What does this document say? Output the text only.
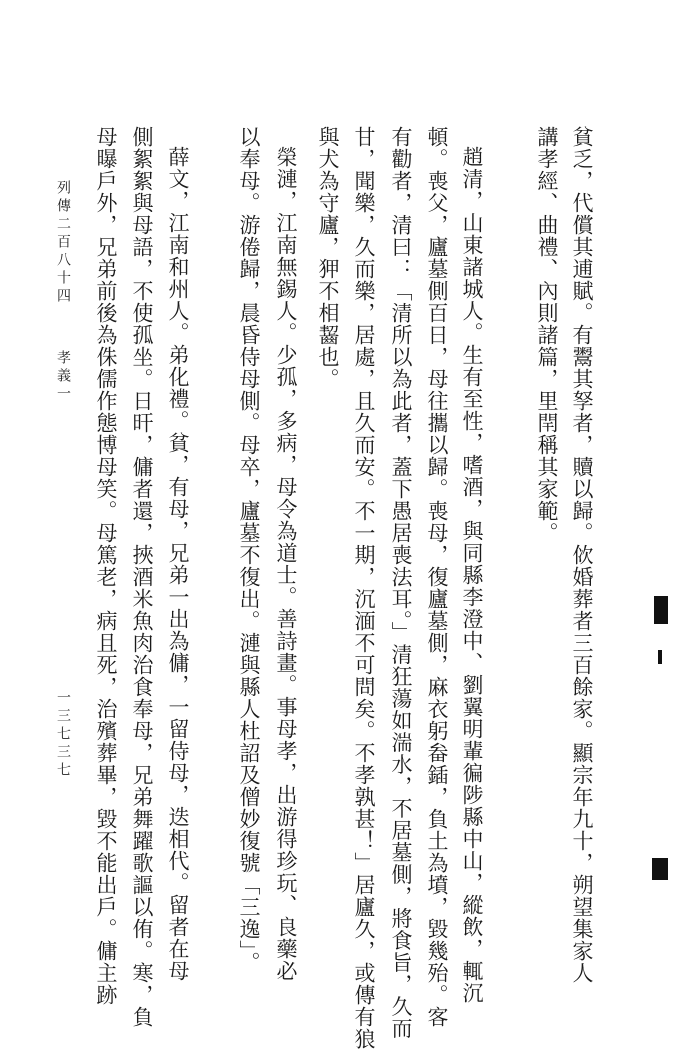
貧乏，代償其逋賦。有鬻其孥者，贖以歸。佽婚葬者三百餘家。顯宗年九十，朔望集家人
講孝經、曲禮、內則諸篇，里閈稱其家範。
趙清，山東諸城人。生有至性，嗜酒，與同縣李澄中、劉翼明輩徧陟縣中山，縱飲，輒沉
頓。喪父，廬墓側百日，母往攜以歸。喪母，復廬墓側，麻衣躬畚鍤，負土為墳，毀幾殆。客
有勸者，清曰：「清所以為此者，蓋下愚居喪法耳。」清狂蕩如湍水，不居墓側，將食旨，久而
甘，聞樂，久而樂，居處，且久而安。不一期，沉湎不可問矣。不孝孰甚！」居廬久，或傳有狼
與犬為守廬，狎不相齧也。
榮漣，江南無錫人。少孤，多病，母令為道士。善詩畫。事母孝，出游得珍玩、良藥必
以奉母。游倦歸，晨昏侍母側。母卒，廬墓不復出。漣與縣人杜詔及僧妙復號「三逸」。
薛文，江南和州人。弟化禮。貧，有母，兄弟一出為傭，一留侍母，迭相代。留者在母
側絮絮與母語，不使孤坐。日旰，傭者還，挾酒米魚肉治食奉母，兄弟舞躍歌謳以侑。寒，負
母曝戶外，兄弟前後為侏儒作態博母笑。母篤老，病且死，治殯葬畢，毀不能出戶。傭主跡
列傳二百八十四
孝義一
一三七三七
